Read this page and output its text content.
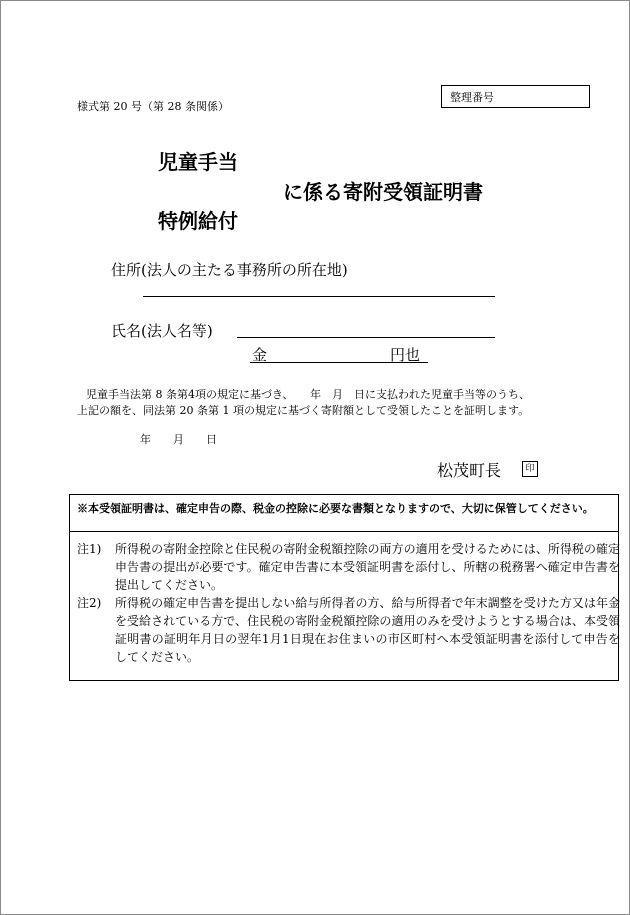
様式第 20 号（第 28 条関係）
整理番号
児童手当
に係る寄附受領証明書
特例給付
住所(法人の主たる事務所の所在地)
氏名(法人名等)
金	円也
児童手当法第 8 条第4項の規定に基づき、　　年　月　日に支払われた児童手当等のうち、
上記の額を、同法第 20 条第 1 項の規定に基づく寄附額として受領したことを証明します。
年 月 日
松茂町長	印
※本受領証明書は、確定申告の際、税金の控除に必要な書類となりますので、大切に保管してください。
注1) 所得税の寄附金控除と住民税の寄附金税額控除の両方の適用を受けるためには、所得税の確定申告書の提出が必要です。確定申告書に本受領証明書を添付し、所轄の税務署へ確定申告書を提出してください。
注2) 所得税の確定申告書を提出しない給与所得者の方、給与所得者で年末調整を受けた方又は年金を受給されている方で、住民税の寄附金税額控除の適用のみを受けようとする場合は、本受領証明書の証明年月日の翌年1月1日現在お住まいの市区町村へ本受領証明書を添付して申告をしてください。
